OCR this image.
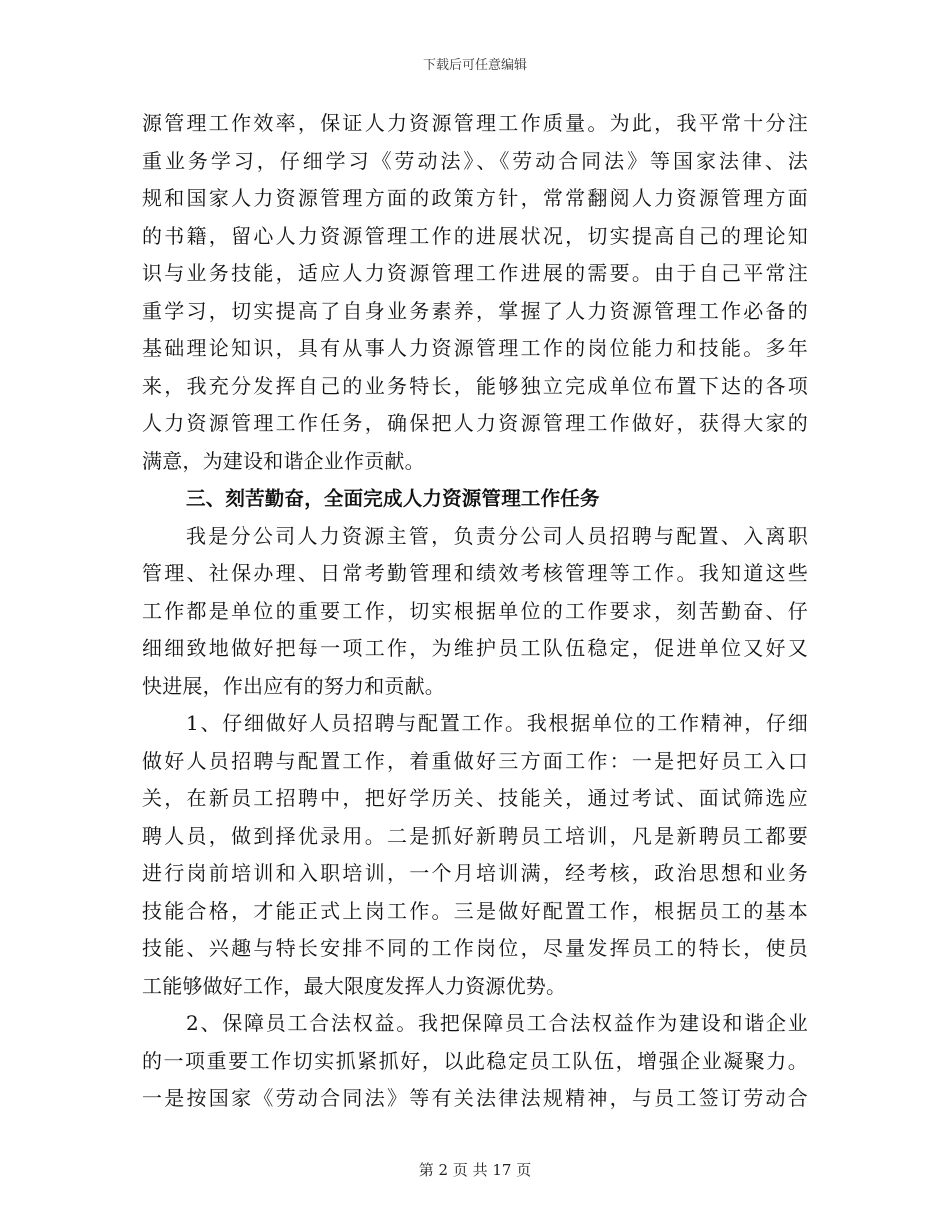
下载后可任意编辑
源管理工作效率，保证人力资源管理工作质量。为此，我平常十分注
重业务学习，仔细学习《劳动法》、《劳动合同法》等国家法律、法
规和国家人力资源管理方面的政策方针，常常翻阅人力资源管理方面
的书籍，留心人力资源管理工作的进展状况，切实提高自己的理论知
识与业务技能，适应人力资源管理工作进展的需要。由于自己平常注
重学习，切实提高了自身业务素养，掌握了人力资源管理工作必备的
基础理论知识，具有从事人力资源管理工作的岗位能力和技能。多年
来，我充分发挥自己的业务特长，能够独立完成单位布置下达的各项
人力资源管理工作任务，确保把人力资源管理工作做好，获得大家的
满意，为建设和谐企业作贡献。
三、刻苦勤奋，全面完成人力资源管理工作任务
我是分公司人力资源主管，负责分公司人员招聘与配置、入离职
管理、社保办理、日常考勤管理和绩效考核管理等工作。我知道这些
工作都是单位的重要工作，切实根据单位的工作要求，刻苦勤奋、仔
细细致地做好把每一项工作，为维护员工队伍稳定，促进单位又好又
快进展，作出应有的努力和贡献。
1、仔细做好人员招聘与配置工作。我根据单位的工作精神，仔细
做好人员招聘与配置工作，着重做好三方面工作：一是把好员工入口
关，在新员工招聘中，把好学历关、技能关，通过考试、面试筛选应
聘人员，做到择优录用。二是抓好新聘员工培训，凡是新聘员工都要
进行岗前培训和入职培训，一个月培训满，经考核，政治思想和业务
技能合格，才能正式上岗工作。三是做好配置工作，根据员工的基本
技能、兴趣与特长安排不同的工作岗位，尽量发挥员工的特长，使员
工能够做好工作，最大限度发挥人力资源优势。
2、保障员工合法权益。我把保障员工合法权益作为建设和谐企业
的一项重要工作切实抓紧抓好，以此稳定员工队伍，增强企业凝聚力。
一是按国家《劳动合同法》等有关法律法规精神，与员工签订劳动合
第 2 页 共 17 页
